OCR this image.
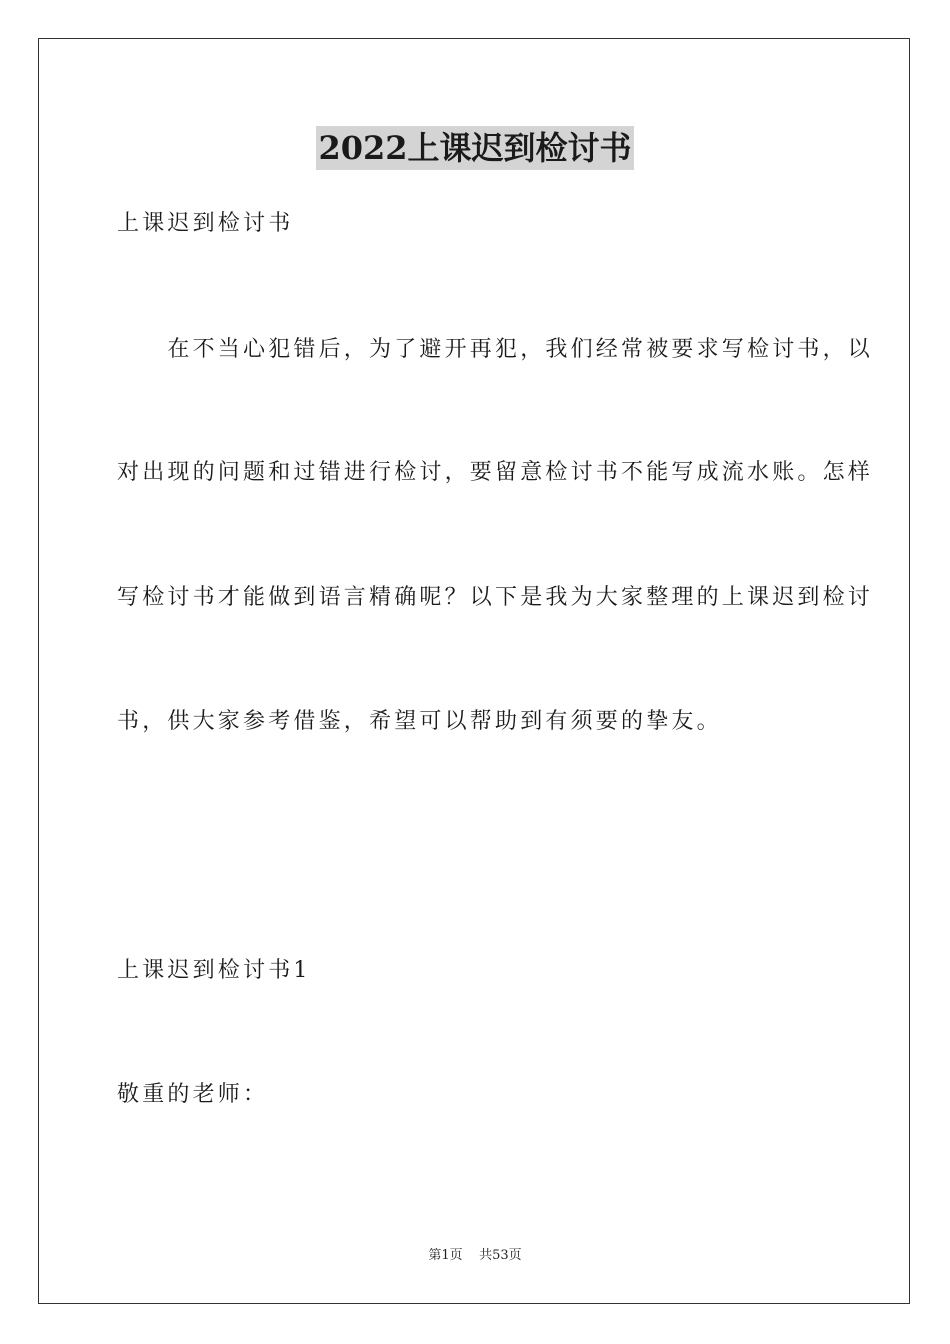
2022上课迟到检讨书
上课迟到检讨书
　　在不当心犯错后，为了避开再犯，我们经常被要求写检讨书，以
对出现的问题和过错进行检讨，要留意检讨书不能写成流水账。怎样
写检讨书才能做到语言精确呢？以下是我为大家整理的上课迟到检讨
书，供大家参考借鉴，希望可以帮助到有须要的挚友。
上课迟到检讨书1
敬重的老师：
第1页 共53页
